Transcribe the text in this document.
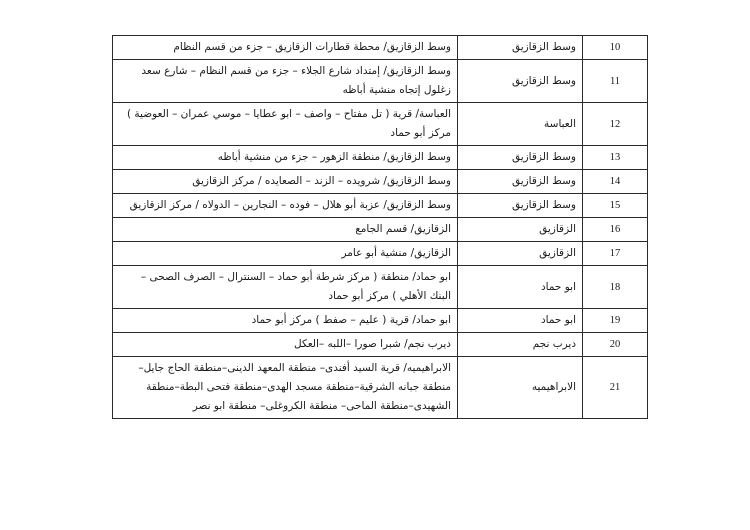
10	وسط الزقازيق	وسط الزقازيق/ محطة قطارات الزقازيق – جزء من قسم النظام
11	وسط الزقازيق	وسط الزقازيق/ إمتداد شارع الجلاء – جزء من قسم النظام – شارع سعد زغلول إتجاه منشية أباظه
12	العباسة	العباسة/ قرية ( تل مفتاح – واصف – ابو عطايا – موسي عمران – العوضية ) مركز أبو حماد
13	وسط الزقازيق	وسط الزقازيق/ منطقة الزهور – جزء من منشية أباظه
14	وسط الزقازيق	وسط الزقازيق/ شرويده – الزند – الصعايده / مركز الزقازيق
15	وسط الزقازيق	وسط الزقازيق/ عزبة أبو هلال – فوده – النجارين – الدولاه / مركز الزقازيق
16	الزقازيق	الزقازيق/ قسم الجامع
17	الزقازيق	الزقازيق/ منشية أبو عامر
18	ابو حماد	ابو حماد/ منطقة ( مركز شرطة أبو حماد – السنترال – الصرف الصحى – البنك الأهلي ) مركز أبو حماد
19	ابو حماد	ابو حماد/ قرية ( عليم – صفط ) مركز أبو حماد
20	ديرب نجم	ديرب نجم/ شبرا صورا –اللبه –العكل
21	الابراهيميه	الابراهيميه/ قرية السيد أفندى– منطقة المعهد الدينى–منطقة الحاج جايل–منطقة جبانه الشرقية–منطقة مسجد الهدى–منطقة فتحى البطة–منطقة الشهيدى–منطقة الماحى– منطقة الكروغلى– منطقة ابو نصر
